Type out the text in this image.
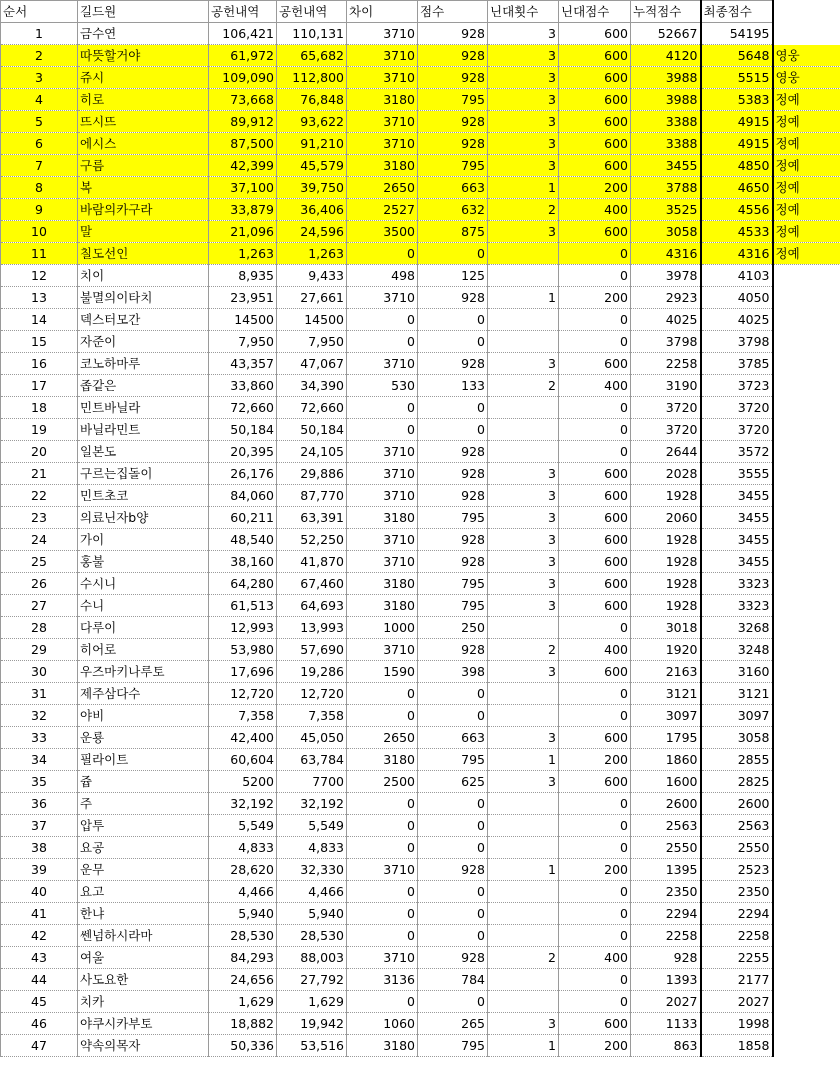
순서	길드원	공헌내역	공헌내역	차이	점수	닌대횟수	닌대점수	누적점수	최종점수	
1	금수연	106,421	110,131	3710	928	3	600	52667	54195	
2	따뜻할거야	61,972	65,682	3710	928	3	600	4120	5648	영웅
3	쥬시	109,090	112,800	3710	928	3	600	3988	5515	영웅
4	히로	73,668	76,848	3180	795	3	600	3988	5383	정예
5	뜨시뜨	89,912	93,622	3710	928	3	600	3388	4915	정예
6	에시스	87,500	91,210	3710	928	3	600	3388	4915	정예
7	구름	42,399	45,579	3180	795	3	600	3455	4850	정예
8	복	37,100	39,750	2650	663	1	200	3788	4650	정예
9	바람의카구라	33,879	36,406	2527	632	2	400	3525	4556	정예
10	말	21,096	24,596	3500	875	3	600	3058	4533	정예
11	칠도선인	1,263	1,263	0	0		0	4316	4316	정예
12	치이	8,935	9,433	498	125		0	3978	4103	
13	불멸의이타치	23,951	27,661	3710	928	1	200	2923	4050	
14	덱스터모간	14500	14500	0	0		0	4025	4025	
15	자준이	7,950	7,950	0	0		0	3798	3798	
16	코노하마루	43,357	47,067	3710	928	3	600	2258	3785	
17	좁같은	33,860	34,390	530	133	2	400	3190	3723	
18	민트바닐라	72,660	72,660	0	0		0	3720	3720	
19	바닐라민트	50,184	50,184	0	0		0	3720	3720	
20	일본도	20,395	24,105	3710	928		0	2644	3572	
21	구르는집돌이	26,176	29,886	3710	928	3	600	2028	3555	
22	민트초코	84,060	87,770	3710	928	3	600	1928	3455	
23	의료닌자b양	60,211	63,391	3180	795	3	600	2060	3455	
24	가이	48,540	52,250	3710	928	3	600	1928	3455	
25	홍불	38,160	41,870	3710	928	3	600	1928	3455	
26	수시니	64,280	67,460	3180	795	3	600	1928	3323	
27	수니	61,513	64,693	3180	795	3	600	1928	3323	
28	다루이	12,993	13,993	1000	250		0	3018	3268	
29	히어로	53,980	57,690	3710	928	2	400	1920	3248	
30	우즈마키나루토	17,696	19,286	1590	398	3	600	2163	3160	
31	제주삼다수	12,720	12,720	0	0		0	3121	3121	
32	야비	7,358	7,358	0	0		0	3097	3097	
33	운룡	42,400	45,050	2650	663	3	600	1795	3058	
34	필라이트	60,604	63,784	3180	795	1	200	1860	2855	
35	쥽	5200	7700	2500	625	3	600	1600	2825	
36	주	32,192	32,192	0	0		0	2600	2600	
37	압투	5,549	5,549	0	0		0	2563	2563	
38	요공	4,833	4,833	0	0		0	2550	2550	
39	운무	28,620	32,330	3710	928	1	200	1395	2523	
40	요고	4,466	4,466	0	0		0	2350	2350	
41	한냐	5,940	5,940	0	0		0	2294	2294	
42	쎈넘하시라마	28,530	28,530	0	0		0	2258	2258	
43	여울	84,293	88,003	3710	928	2	400	928	2255	
44	사도요한	24,656	27,792	3136	784		0	1393	2177	
45	치카	1,629	1,629	0	0		0	2027	2027	
46	야쿠시카부토	18,882	19,942	1060	265	3	600	1133	1998	
47	약속의목자	50,336	53,516	3180	795	1	200	863	1858	
